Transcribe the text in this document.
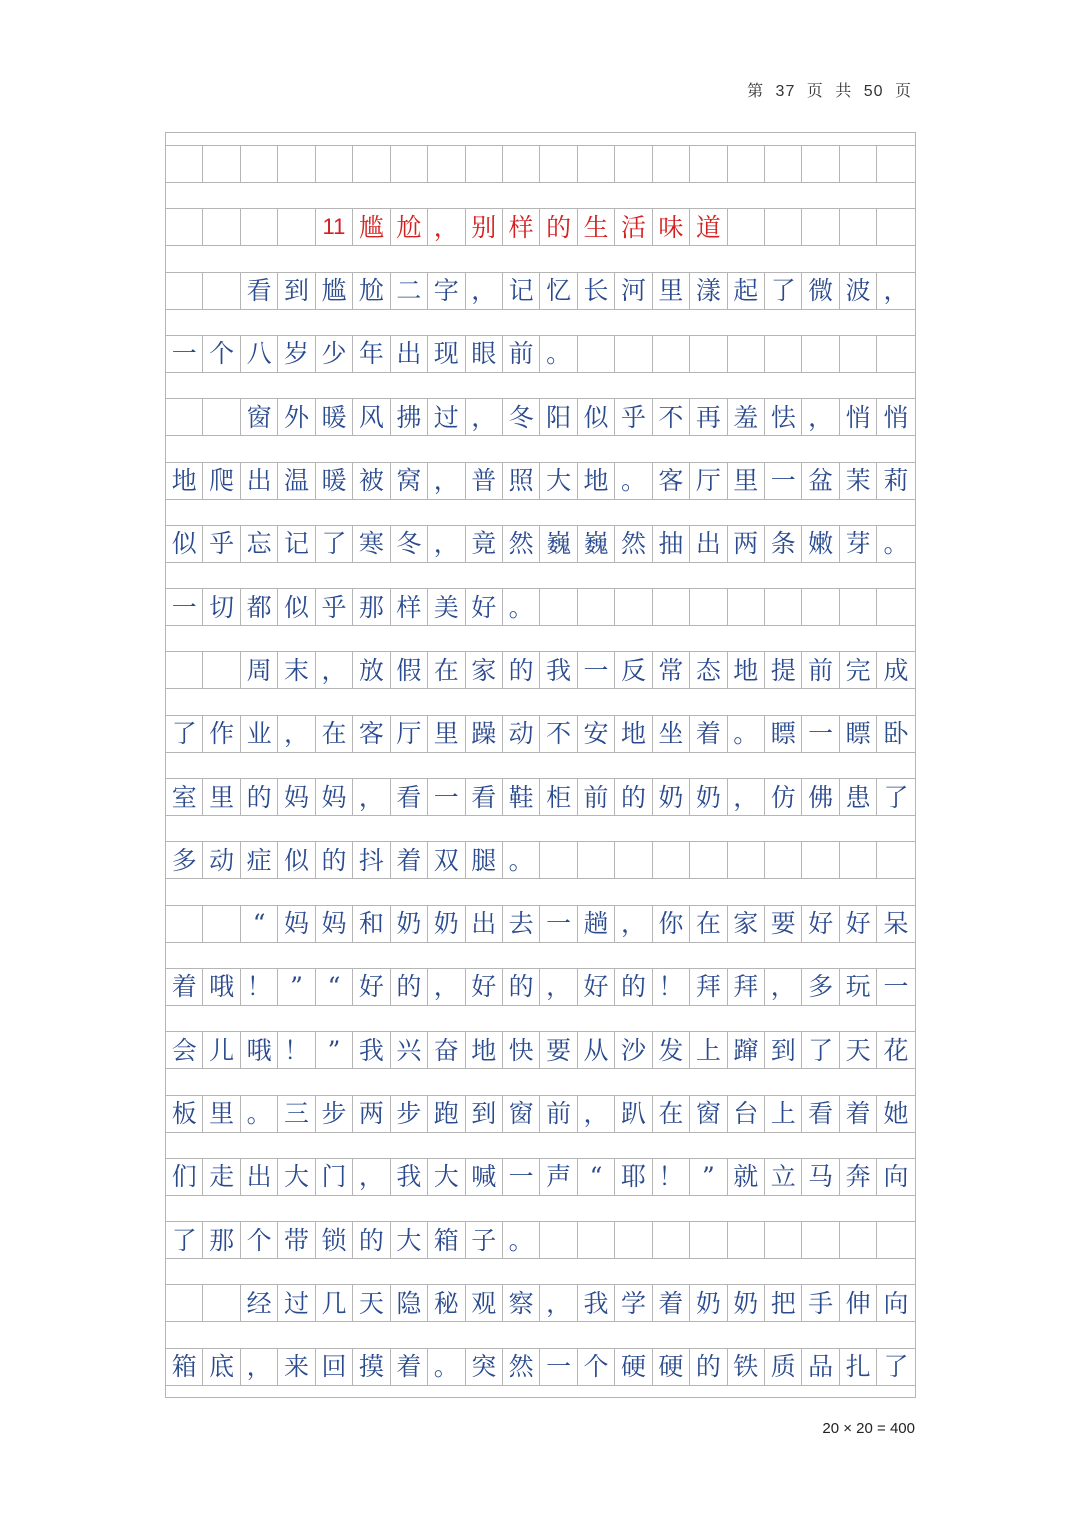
第 37 页 共 50 页
11 尴 尬 ， 别 样 的 生 活 味 道
看 到 尴 尬 二 字 ， 记 忆 长 河 里 漾 起 了 微 波 ，
一 个 八 岁 少 年 出 现 眼 前 。
窗 外 暖 风 拂 过 ， 冬 阳 似 乎 不 再 羞 怯 ， 悄 悄
地 爬 出 温 暖 被 窝 ， 普 照 大 地 。 客 厅 里 一 盆 茉 莉
似 乎 忘 记 了 寒 冬 ， 竟 然 巍 巍 然 抽 出 两 条 嫩 芽 。
一 切 都 似 乎 那 样 美 好 。
周 末 ， 放 假 在 家 的 我 一 反 常 态 地 提 前 完 成
了 作 业 ， 在 客 厅 里 躁 动 不 安 地 坐 着 。 瞟 一 瞟 卧
室 里 的 妈 妈 ， 看 一 看 鞋 柜 前 的 奶 奶 ， 仿 佛 患 了
多 动 症 似 的 抖 着 双 腿 。
“ 妈 妈 和 奶 奶 出 去 一 趟 ， 你 在 家 要 好 好 呆
着 哦 ！ ” “ 好 的 ， 好 的 ， 好 的 ！ 拜 拜 ， 多 玩 一
会 儿 哦 ！ ” 我 兴 奋 地 快 要 从 沙 发 上 蹿 到 了 天 花
板 里 。 三 步 两 步 跑 到 窗 前 ， 趴 在 窗 台 上 看 着 她
们 走 出 大 门 ， 我 大 喊 一 声 “ 耶 ！ ” 就 立 马 奔 向
了 那 个 带 锁 的 大 箱 子 。
经 过 几 天 隐 秘 观 察 ， 我 学 着 奶 奶 把 手 伸 向
箱 底 ， 来 回 摸 着 。 突 然 一 个 硬 硬 的 铁 质 品 扎 了
20 × 20 = 400
